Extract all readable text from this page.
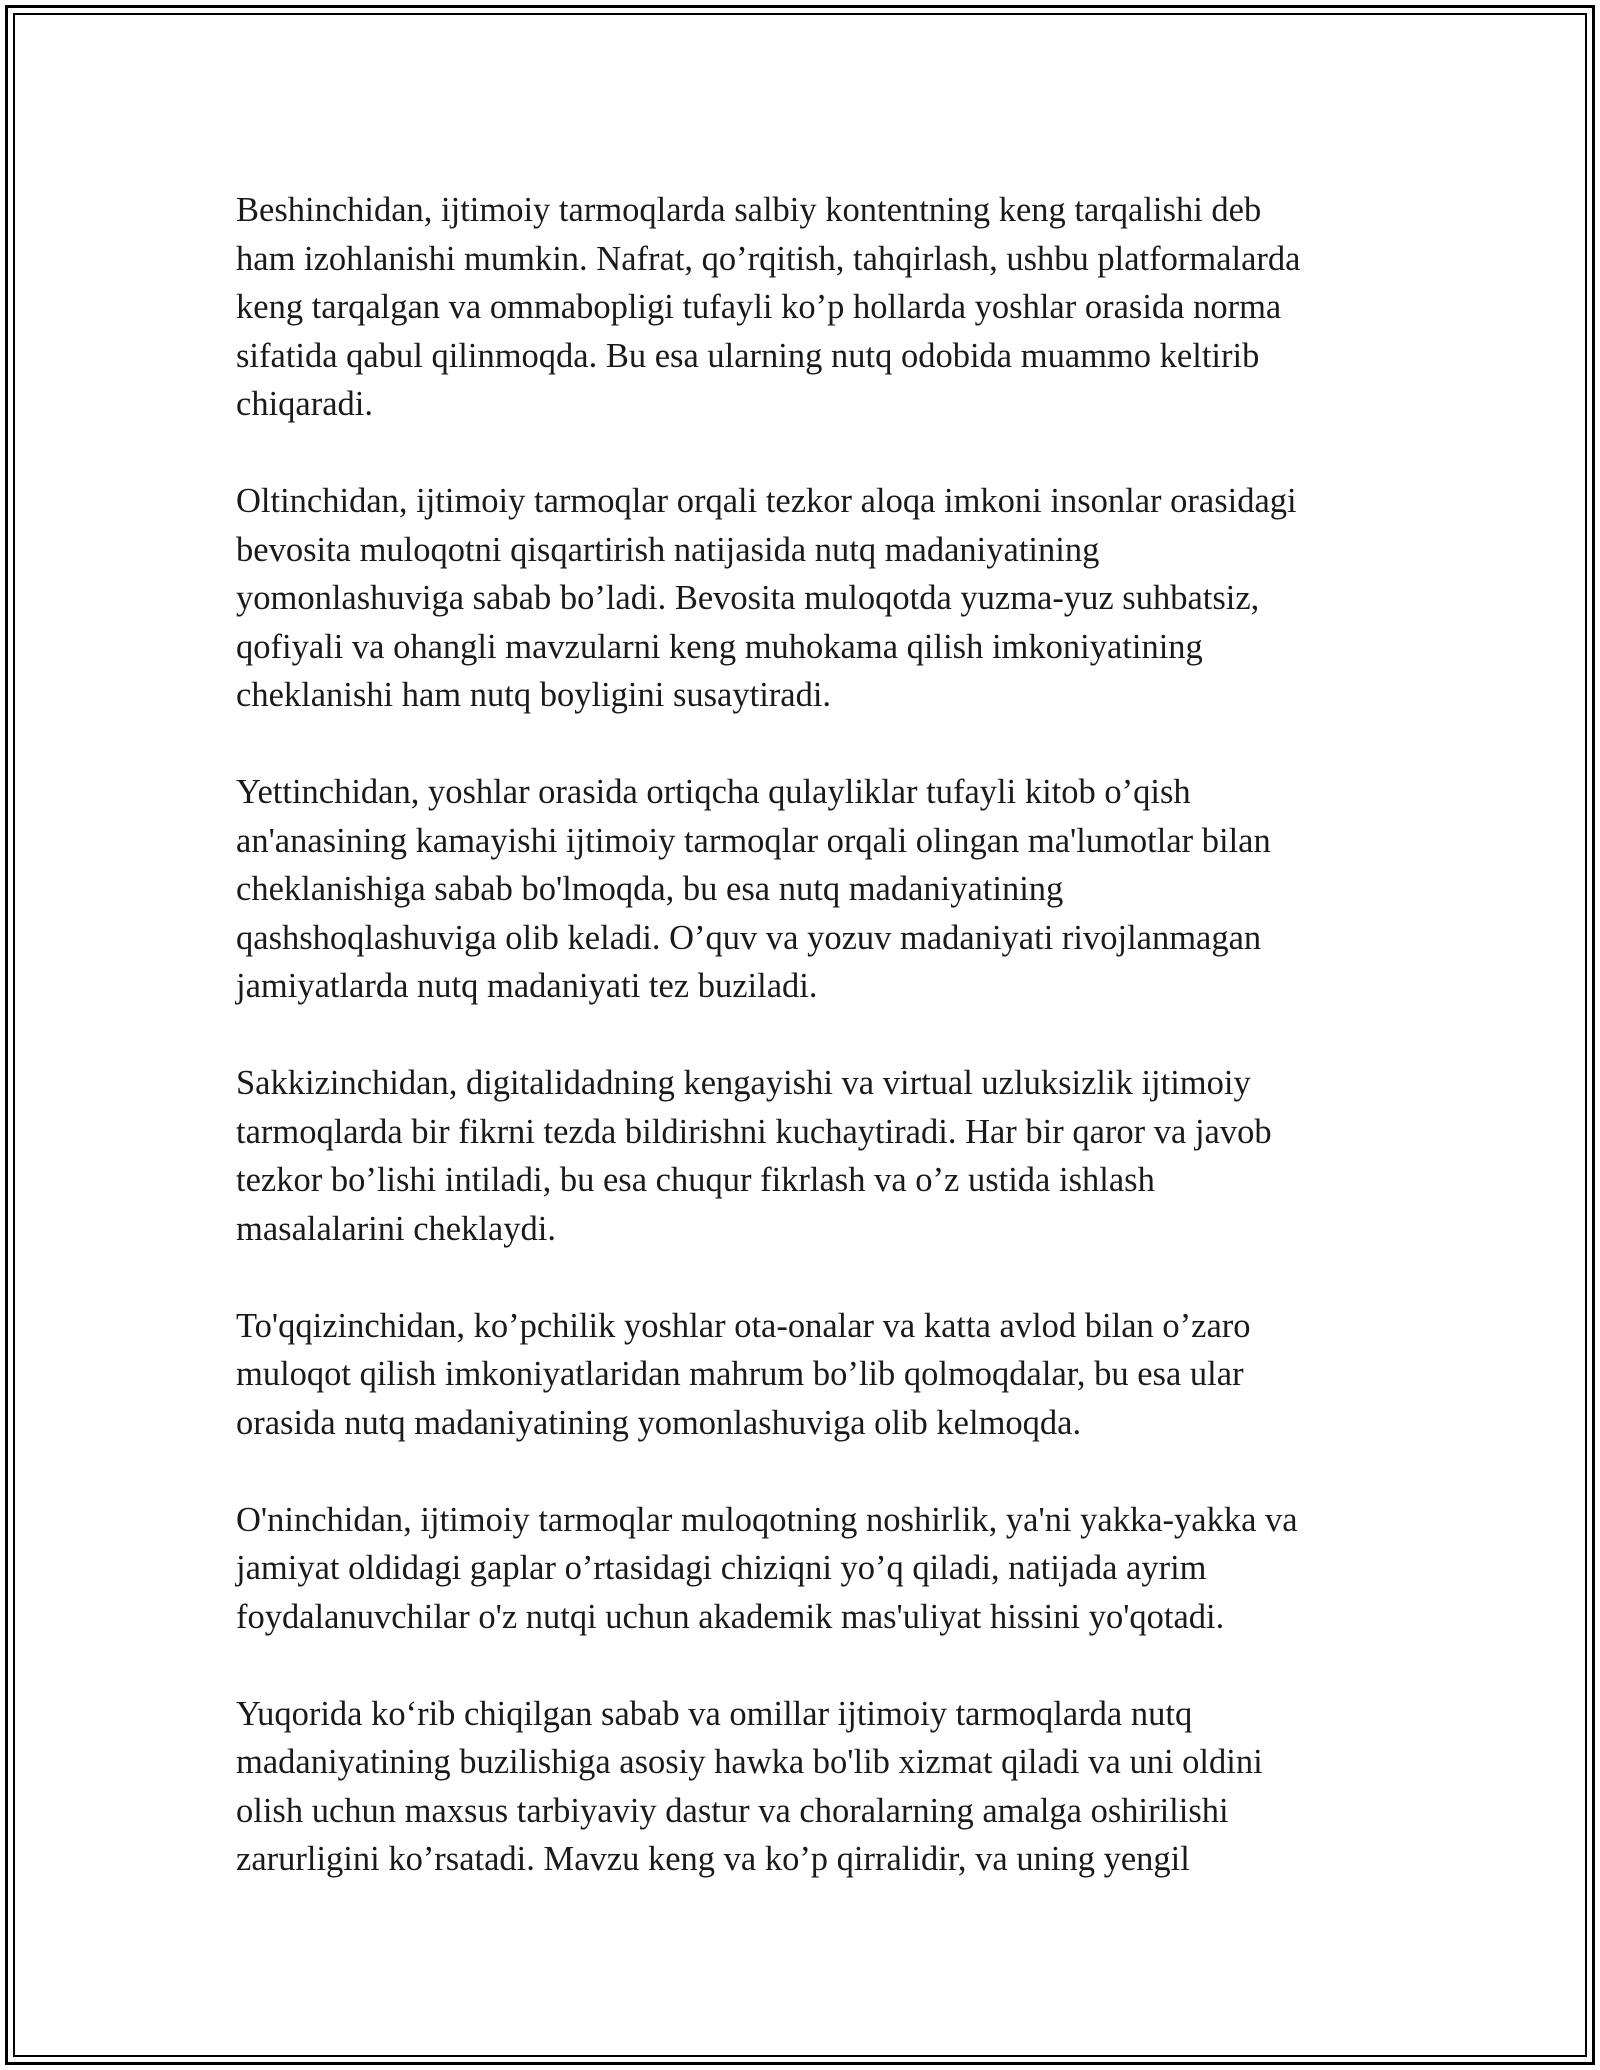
Beshinchidan, ijtimoiy tarmoqlarda salbiy kontentning keng tarqalishi deb
ham izohlanishi mumkin. Nafrat, qo’rqitish, tahqirlash, ushbu platformalarda
keng tarqalgan va ommabopligi tufayli ko’p hollarda yoshlar orasida norma
sifatida qabul qilinmoqda. Bu esa ularning nutq odobida muammo keltirib
chiqaradi.
Oltinchidan, ijtimoiy tarmoqlar orqali tezkor aloqa imkoni insonlar orasidagi
bevosita muloqotni qisqartirish natijasida nutq madaniyatining
yomonlashuviga sabab bo’ladi. Bevosita muloqotda yuzma-yuz suhbatsiz,
qofiyali va ohangli mavzularni keng muhokama qilish imkoniyatining
cheklanishi ham nutq boyligini susaytiradi.
Yettinchidan, yoshlar orasida ortiqcha qulayliklar tufayli kitob o’qish
an'anasining kamayishi ijtimoiy tarmoqlar orqali olingan ma'lumotlar bilan
cheklanishiga sabab bo'lmoqda, bu esa nutq madaniyatining
qashshoqlashuviga olib keladi. O’quv va yozuv madaniyati rivojlanmagan
jamiyatlarda nutq madaniyati tez buziladi.
Sakkizinchidan, digitalidadning kengayishi va virtual uzluksizlik ijtimoiy
tarmoqlarda bir fikrni tezda bildirishni kuchaytiradi. Har bir qaror va javob
tezkor bo’lishi intiladi, bu esa chuqur fikrlash va o’z ustida ishlash
masalalarini cheklaydi.
To'qqizinchidan, ko’pchilik yoshlar ota-onalar va katta avlod bilan o’zaro
muloqot qilish imkoniyatlaridan mahrum bo’lib qolmoqdalar, bu esa ular
orasida nutq madaniyatining yomonlashuviga olib kelmoqda.
O'ninchidan, ijtimoiy tarmoqlar muloqotning noshirlik, ya'ni yakka-yakka va
jamiyat oldidagi gaplar o’rtasidagi chiziqni yo’q qiladi, natijada ayrim
foydalanuvchilar o'z nutqi uchun akademik mas'uliyat hissini yo'qotadi.
Yuqorida ko‘rib chiqilgan sabab va omillar ijtimoiy tarmoqlarda nutq
madaniyatining buzilishiga asosiy hawka bo'lib xizmat qiladi va uni oldini
olish uchun maxsus tarbiyaviy dastur va choralarning amalga oshirilishi
zarurligini ko’rsatadi. Mavzu keng va ko’p qirralidir, va uning yengil
